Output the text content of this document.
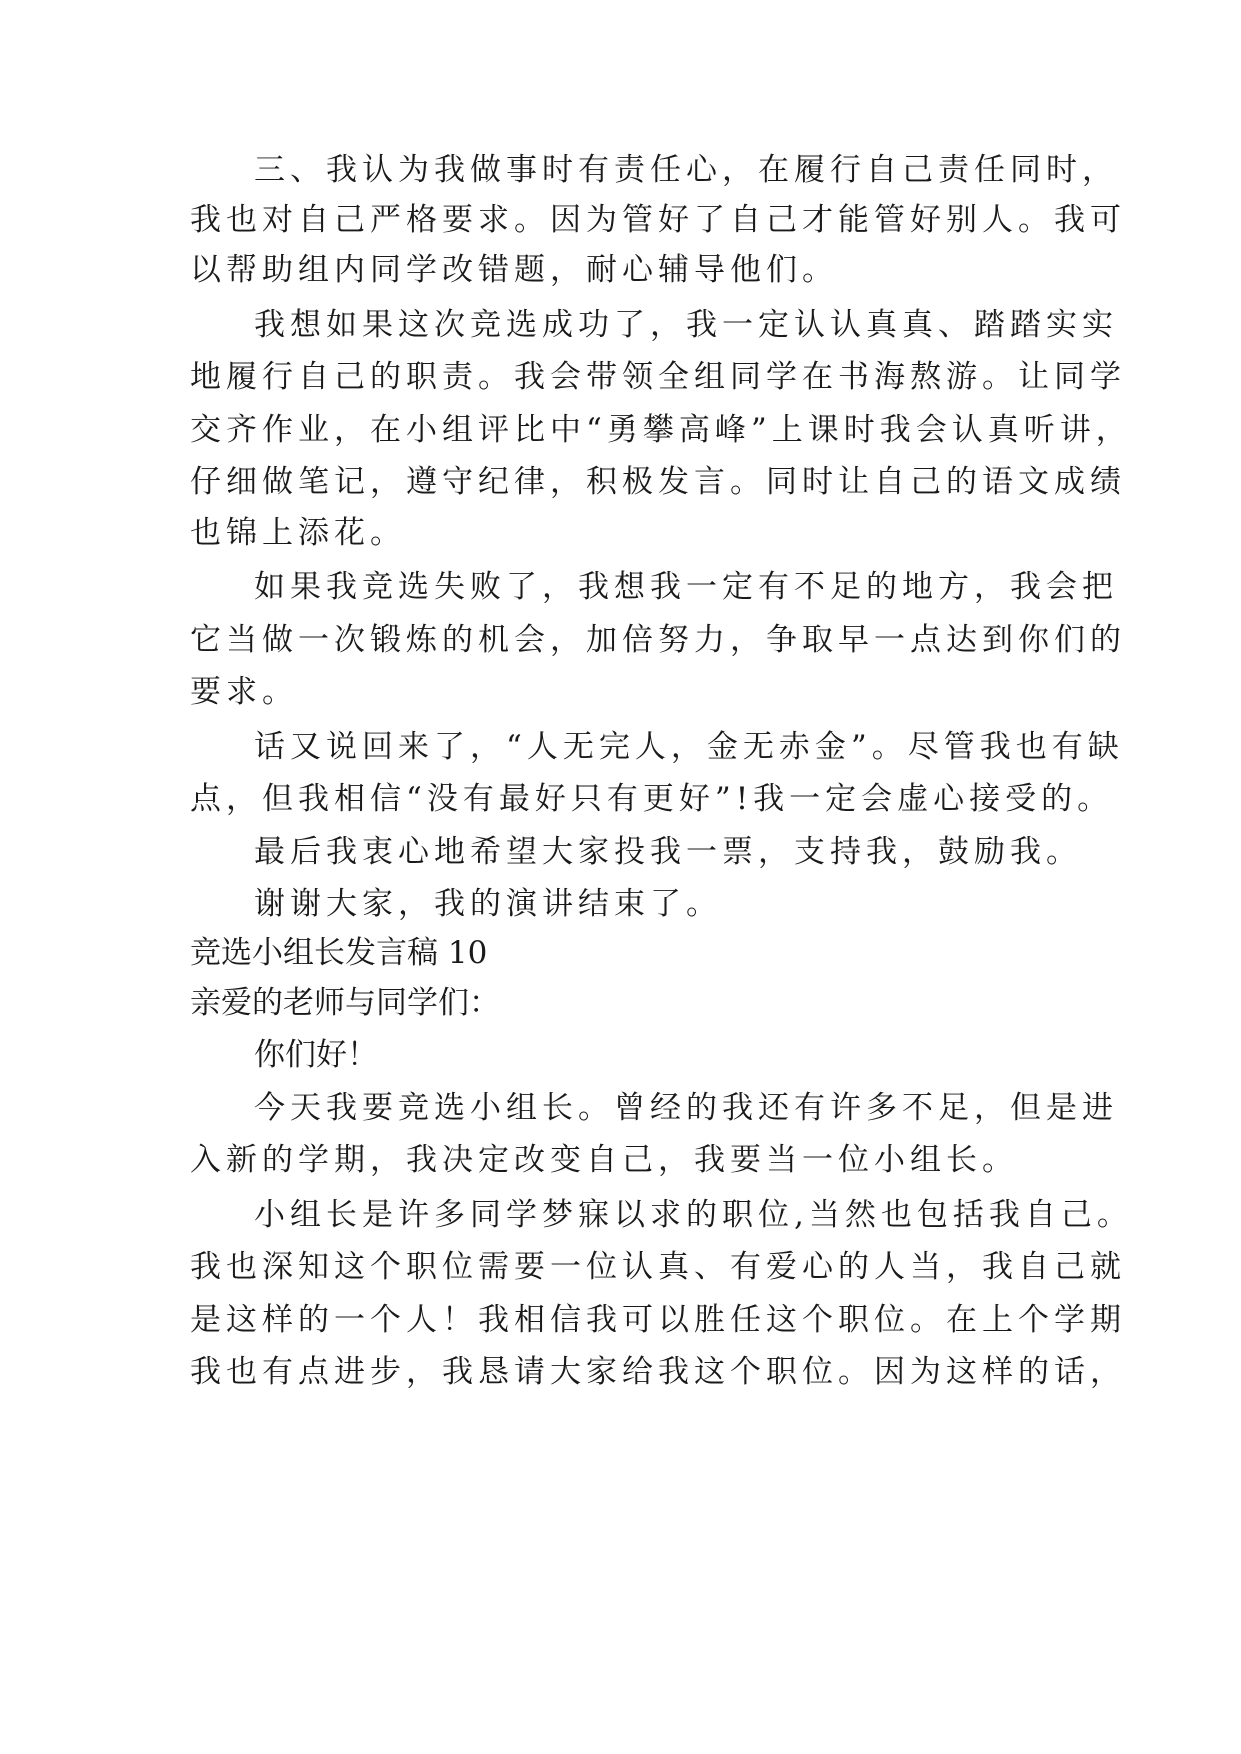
三、我认为我做事时有责任心，在履行自己责任同时，
我也对自己严格要求。因为管好了自己才能管好别人。我可
以帮助组内同学改错题，耐心辅导他们。
我想如果这次竞选成功了，我一定认认真真、踏踏实实
地履行自己的职责。我会带领全组同学在书海熬游。让同学
交齐作业，在小组评比中“勇攀高峰”上课时我会认真听讲，
仔细做笔记，遵守纪律，积极发言。同时让自己的语文成绩
也锦上添花。
如果我竞选失败了，我想我一定有不足的地方，我会把
它当做一次锻炼的机会，加倍努力，争取早一点达到你们的
要求。
话又说回来了，“人无完人，金无赤金”。尽管我也有缺
点，但我相信“没有最好只有更好”!我一定会虚心接受的。
最后我衷心地希望大家投我一票，支持我，鼓励我。
谢谢大家，我的演讲结束了。
竞选小组长发言稿 10
亲爱的老师与同学们：
你们好！
今天我要竞选小组长。曾经的我还有许多不足，但是进
入新的学期，我决定改变自己，我要当一位小组长。
小组长是许多同学梦寐以求的职位,当然也包括我自己。
我也深知这个职位需要一位认真、有爱心的人当，我自己就
是这样的一个人！我相信我可以胜任这个职位。在上个学期
我也有点进步，我恳请大家给我这个职位。因为这样的话，
